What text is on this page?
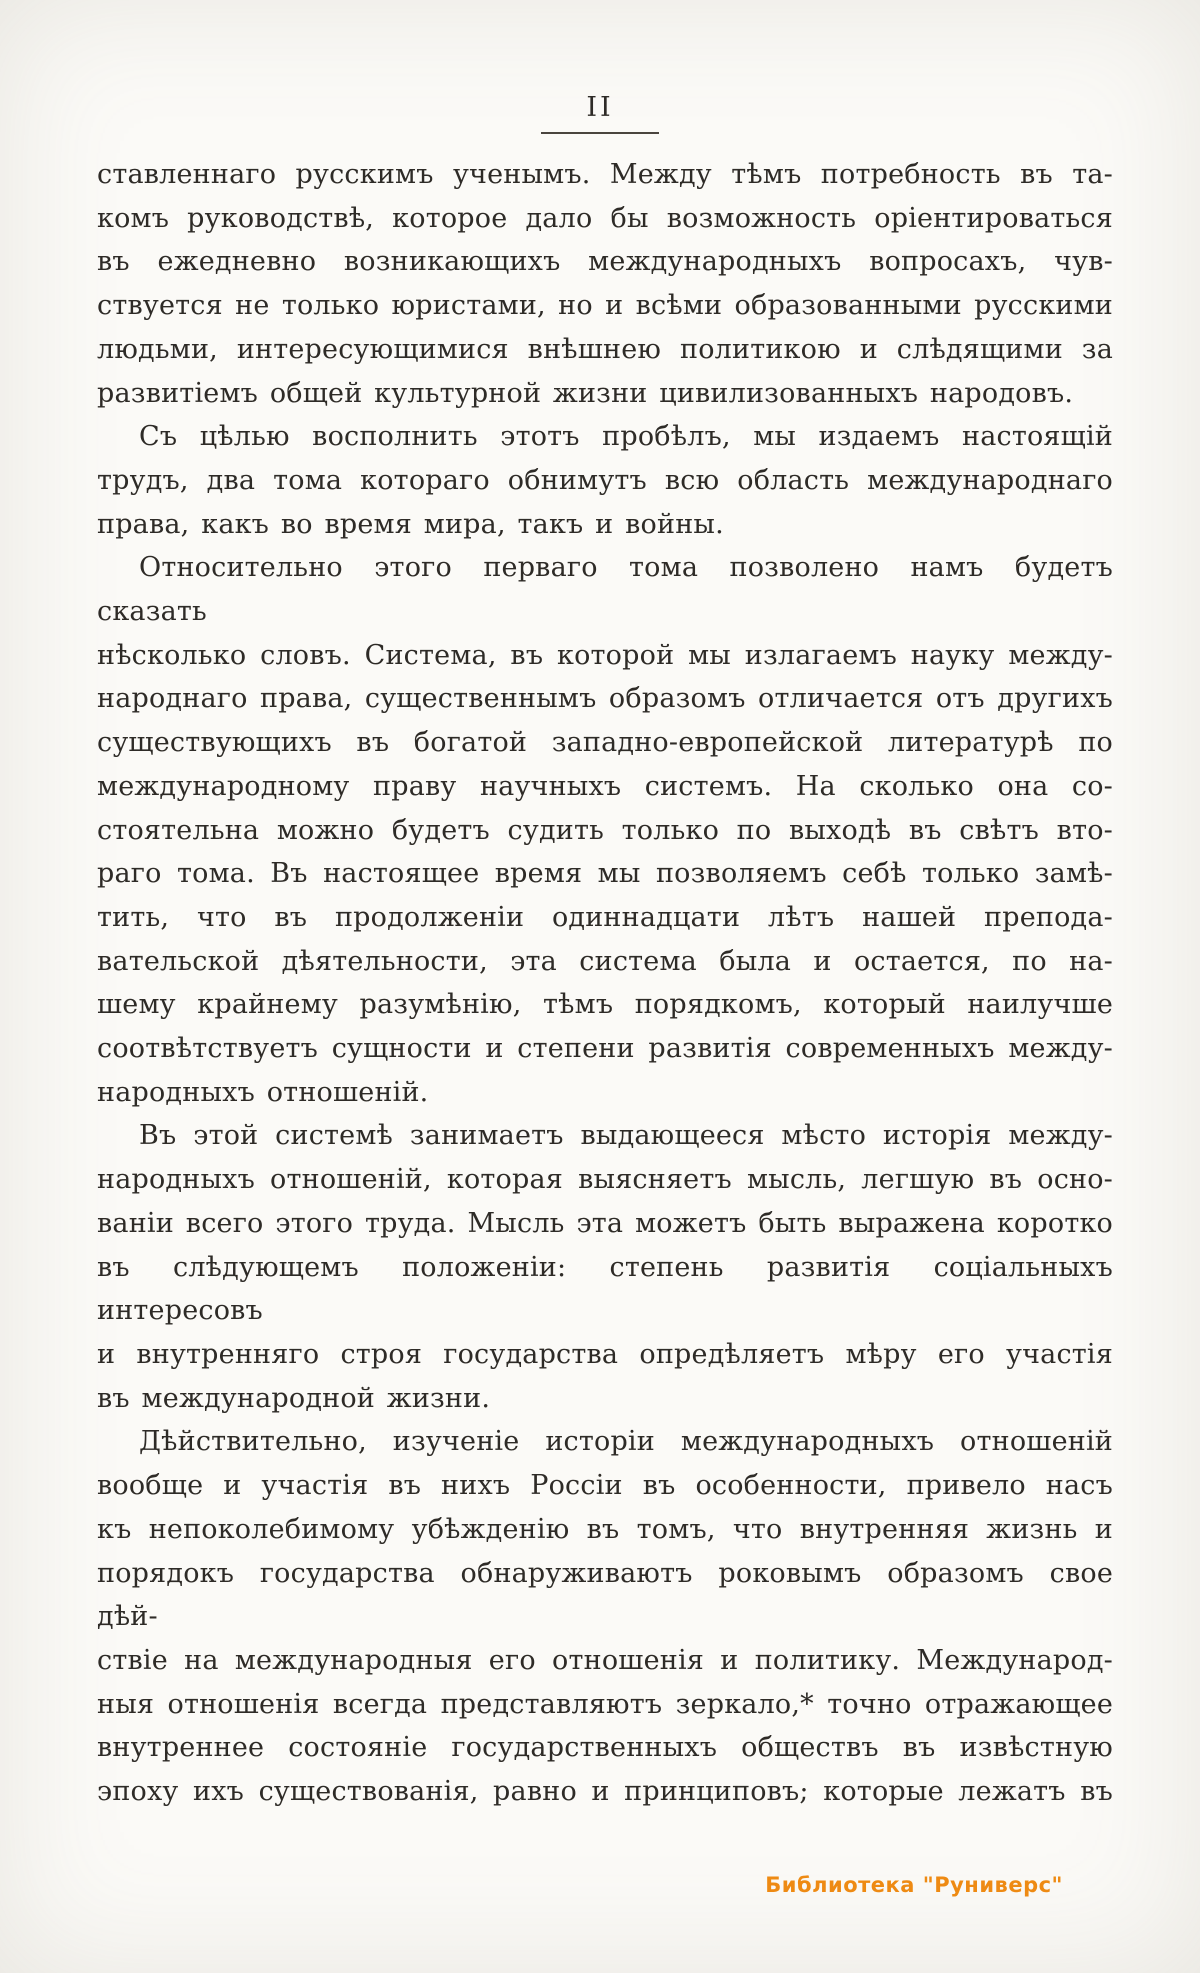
II
ставленнаго русскимъ ученымъ. Между тѣмъ потребность въ та-
комъ руководствѣ, которое дало бы возможность оріентироваться
въ ежедневно возникающихъ международныхъ вопросахъ, чув-
ствуется не только юристами, но и всѣми образованными русскими
людьми, интересующимися внѣшнею политикою и слѣдящими за
развитіемъ общей культурной жизни цивилизованныхъ народовъ.
Съ цѣлью восполнить этотъ пробѣлъ, мы издаемъ настоящій
трудъ, два тома котораго обнимутъ всю область международнаго
права, какъ во время мира, такъ и войны.
Относительно этого перваго тома позволено намъ будетъ сказать
нѣсколько словъ. Система, въ которой мы излагаемъ науку между-
народнаго права, существеннымъ образомъ отличается отъ другихъ
существующихъ въ богатой западно-европейской литературѣ по
международному праву научныхъ системъ. На сколько она со-
стоятельна можно будетъ судить только по выходѣ въ свѣтъ вто-
раго тома. Въ настоящее время мы позволяемъ себѣ только замѣ-
тить, что въ продолженіи одиннадцати лѣтъ нашей препода-
вательской дѣятельности, эта система была и остается, по на-
шему крайнему разумѣнію, тѣмъ порядкомъ, который наилучше
соотвѣтствуетъ сущности и степени развитія современныхъ между-
народныхъ отношеній.
Въ этой системѣ занимаетъ выдающееся мѣсто исторія между-
народныхъ отношеній, которая выясняетъ мысль, легшую въ осно-
ваніи всего этого труда. Мысль эта можетъ быть выражена коротко
въ слѣдующемъ положеніи: степень развитія соціальныхъ интересовъ
и внутренняго строя государства опредѣляетъ мѣру его участія
въ международной жизни.
Дѣйствительно, изученіе исторіи международныхъ отношеній
вообще и участія въ нихъ Россіи въ особенности, привело насъ
къ непоколебимому убѣжденію въ томъ, что внутренняя жизнь и
порядокъ государства обнаруживаютъ роковымъ образомъ свое дѣй-
ствіе на международныя его отношенія и политику. Международ-
ныя отношенія всегда представляютъ зеркало,* точно отражающее
внутреннее состояніе государственныхъ обществъ въ извѣстную
эпоху ихъ существованія, равно и принциповъ; которые лежатъ въ
Библиотека "Руниверс"
